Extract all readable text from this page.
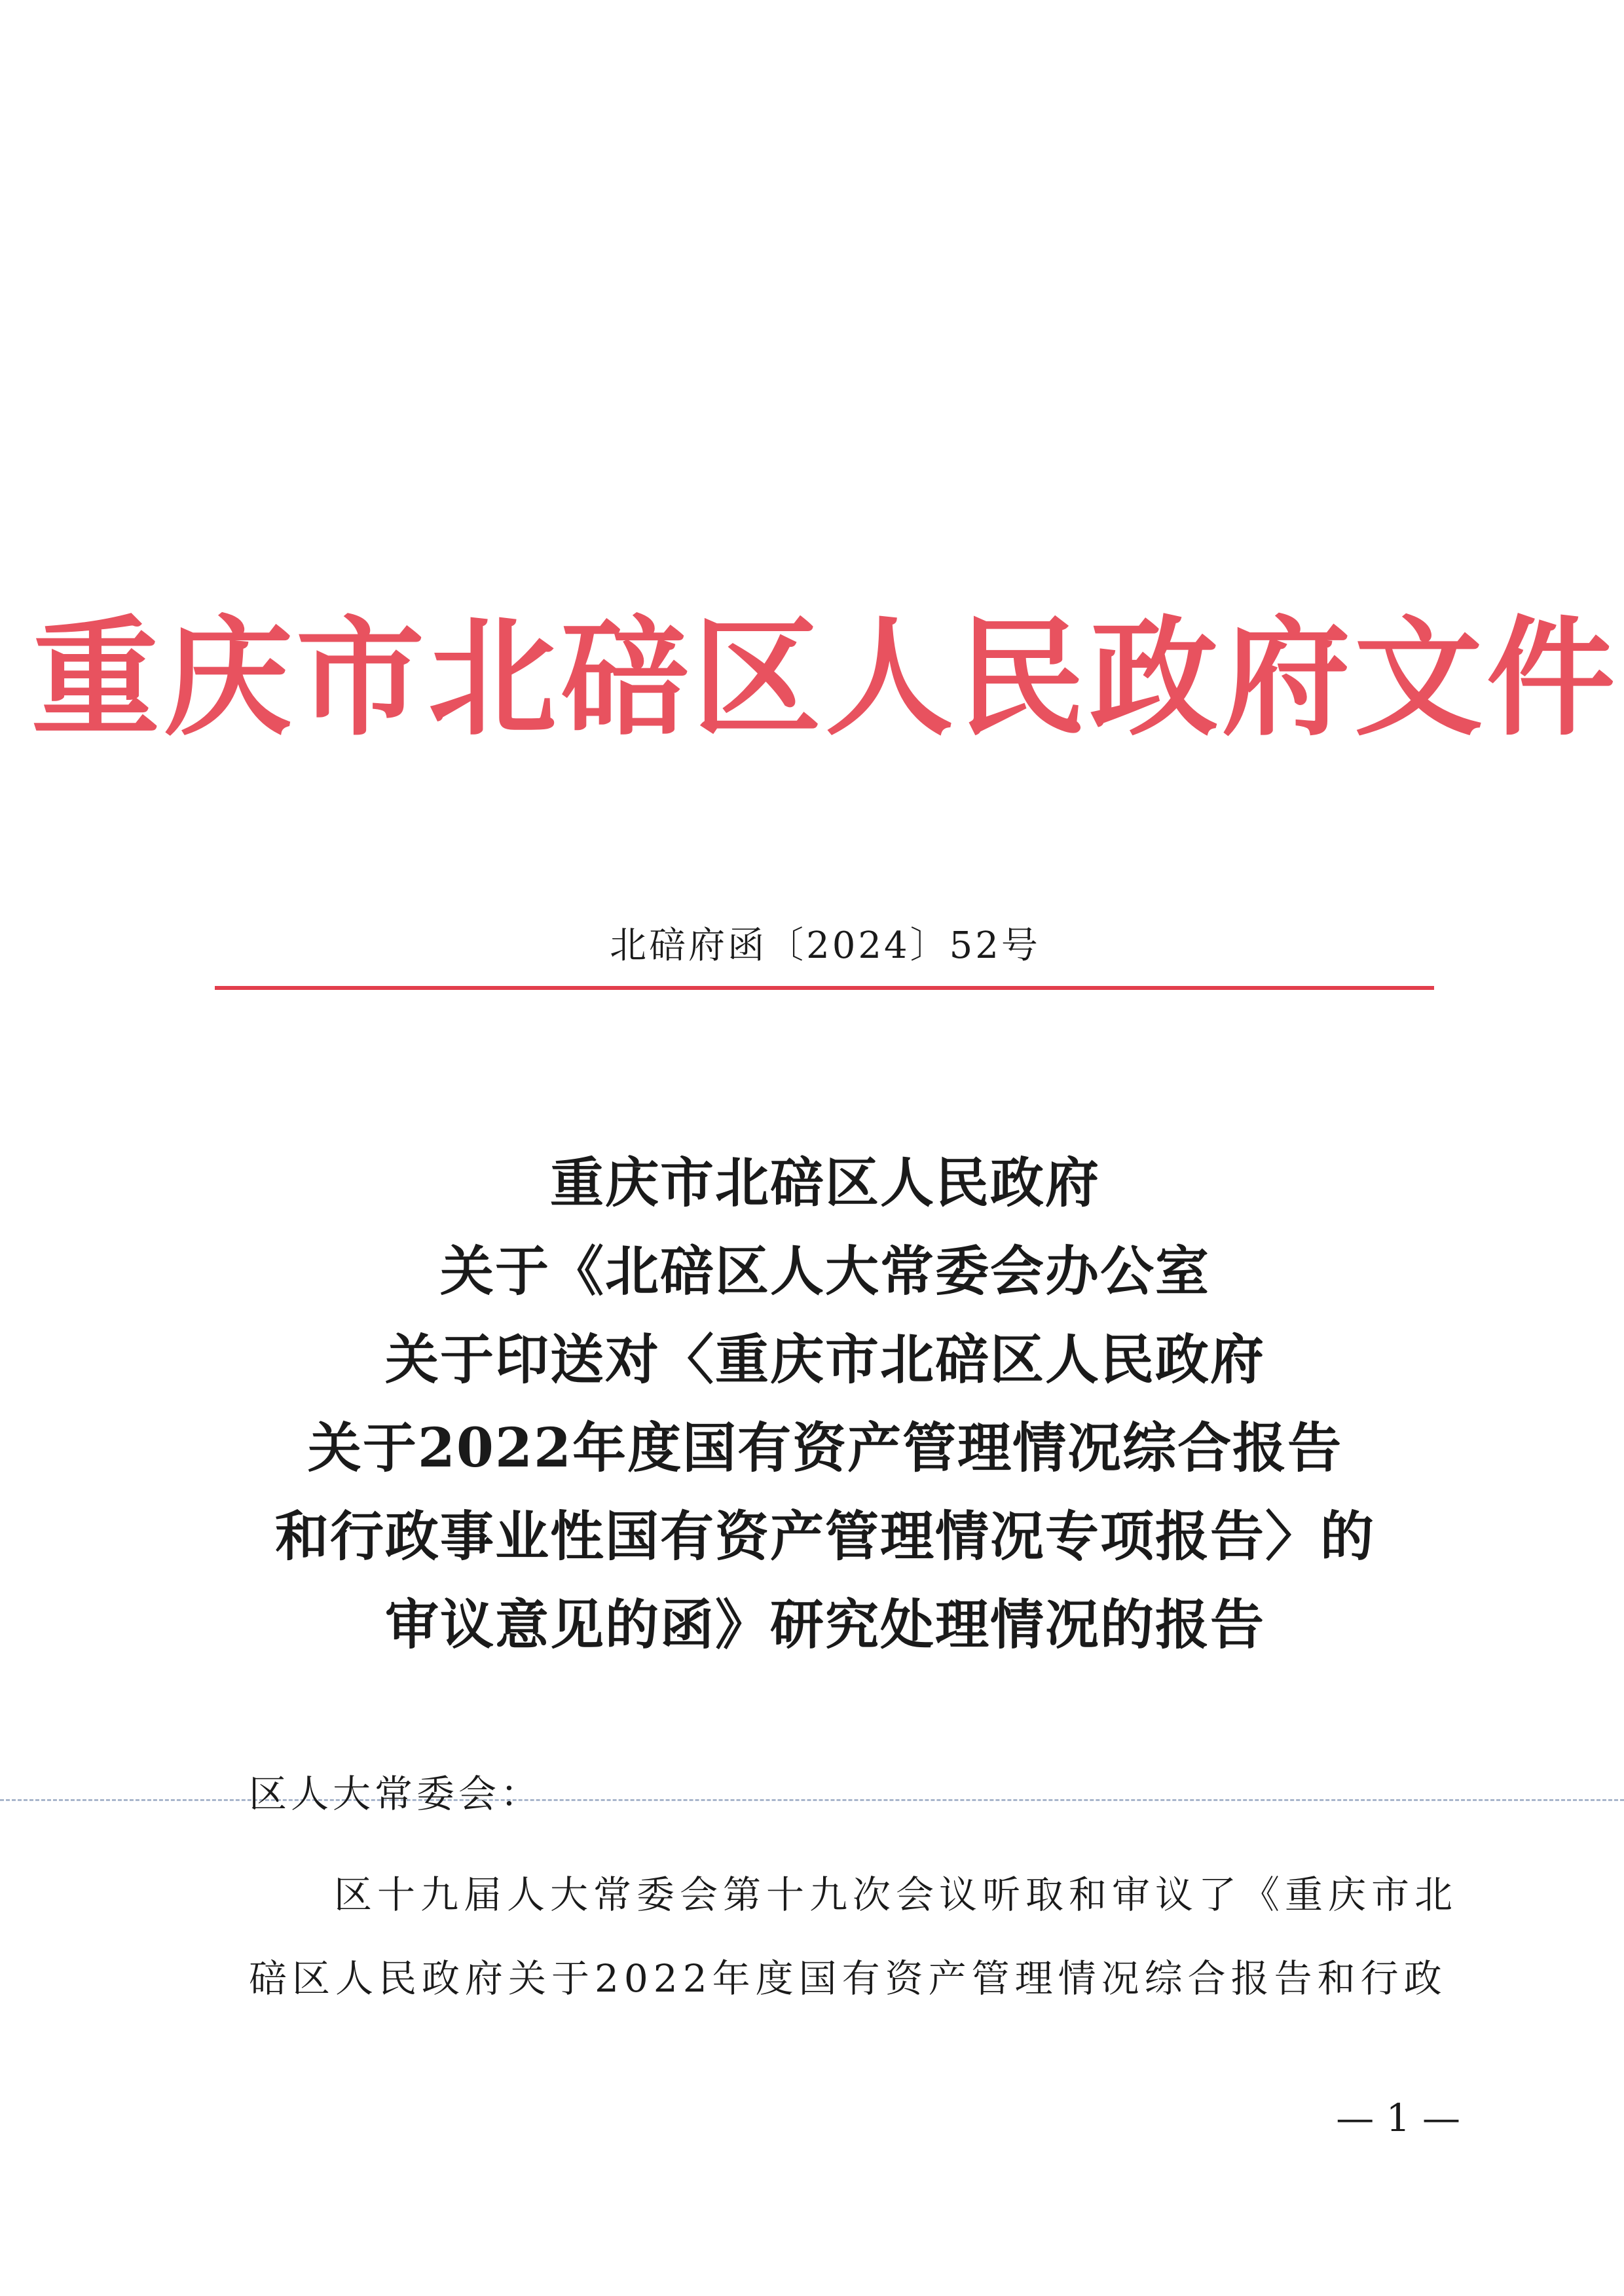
重庆市北碚区人民政府文件
北碚府函〔2024〕52号
重庆市北碚区人民政府
关于《北碚区人大常委会办公室
关于印送对〈重庆市北碚区人民政府
关于2022年度国有资产管理情况综合报告
和行政事业性国有资产管理情况专项报告〉的
审议意见的函》研究处理情况的报告
区人大常委会：
区十九届人大常委会第十九次会议听取和审议了《重庆市北
碚区人民政府关于2022年度国有资产管理情况综合报告和行政
— 1 —
